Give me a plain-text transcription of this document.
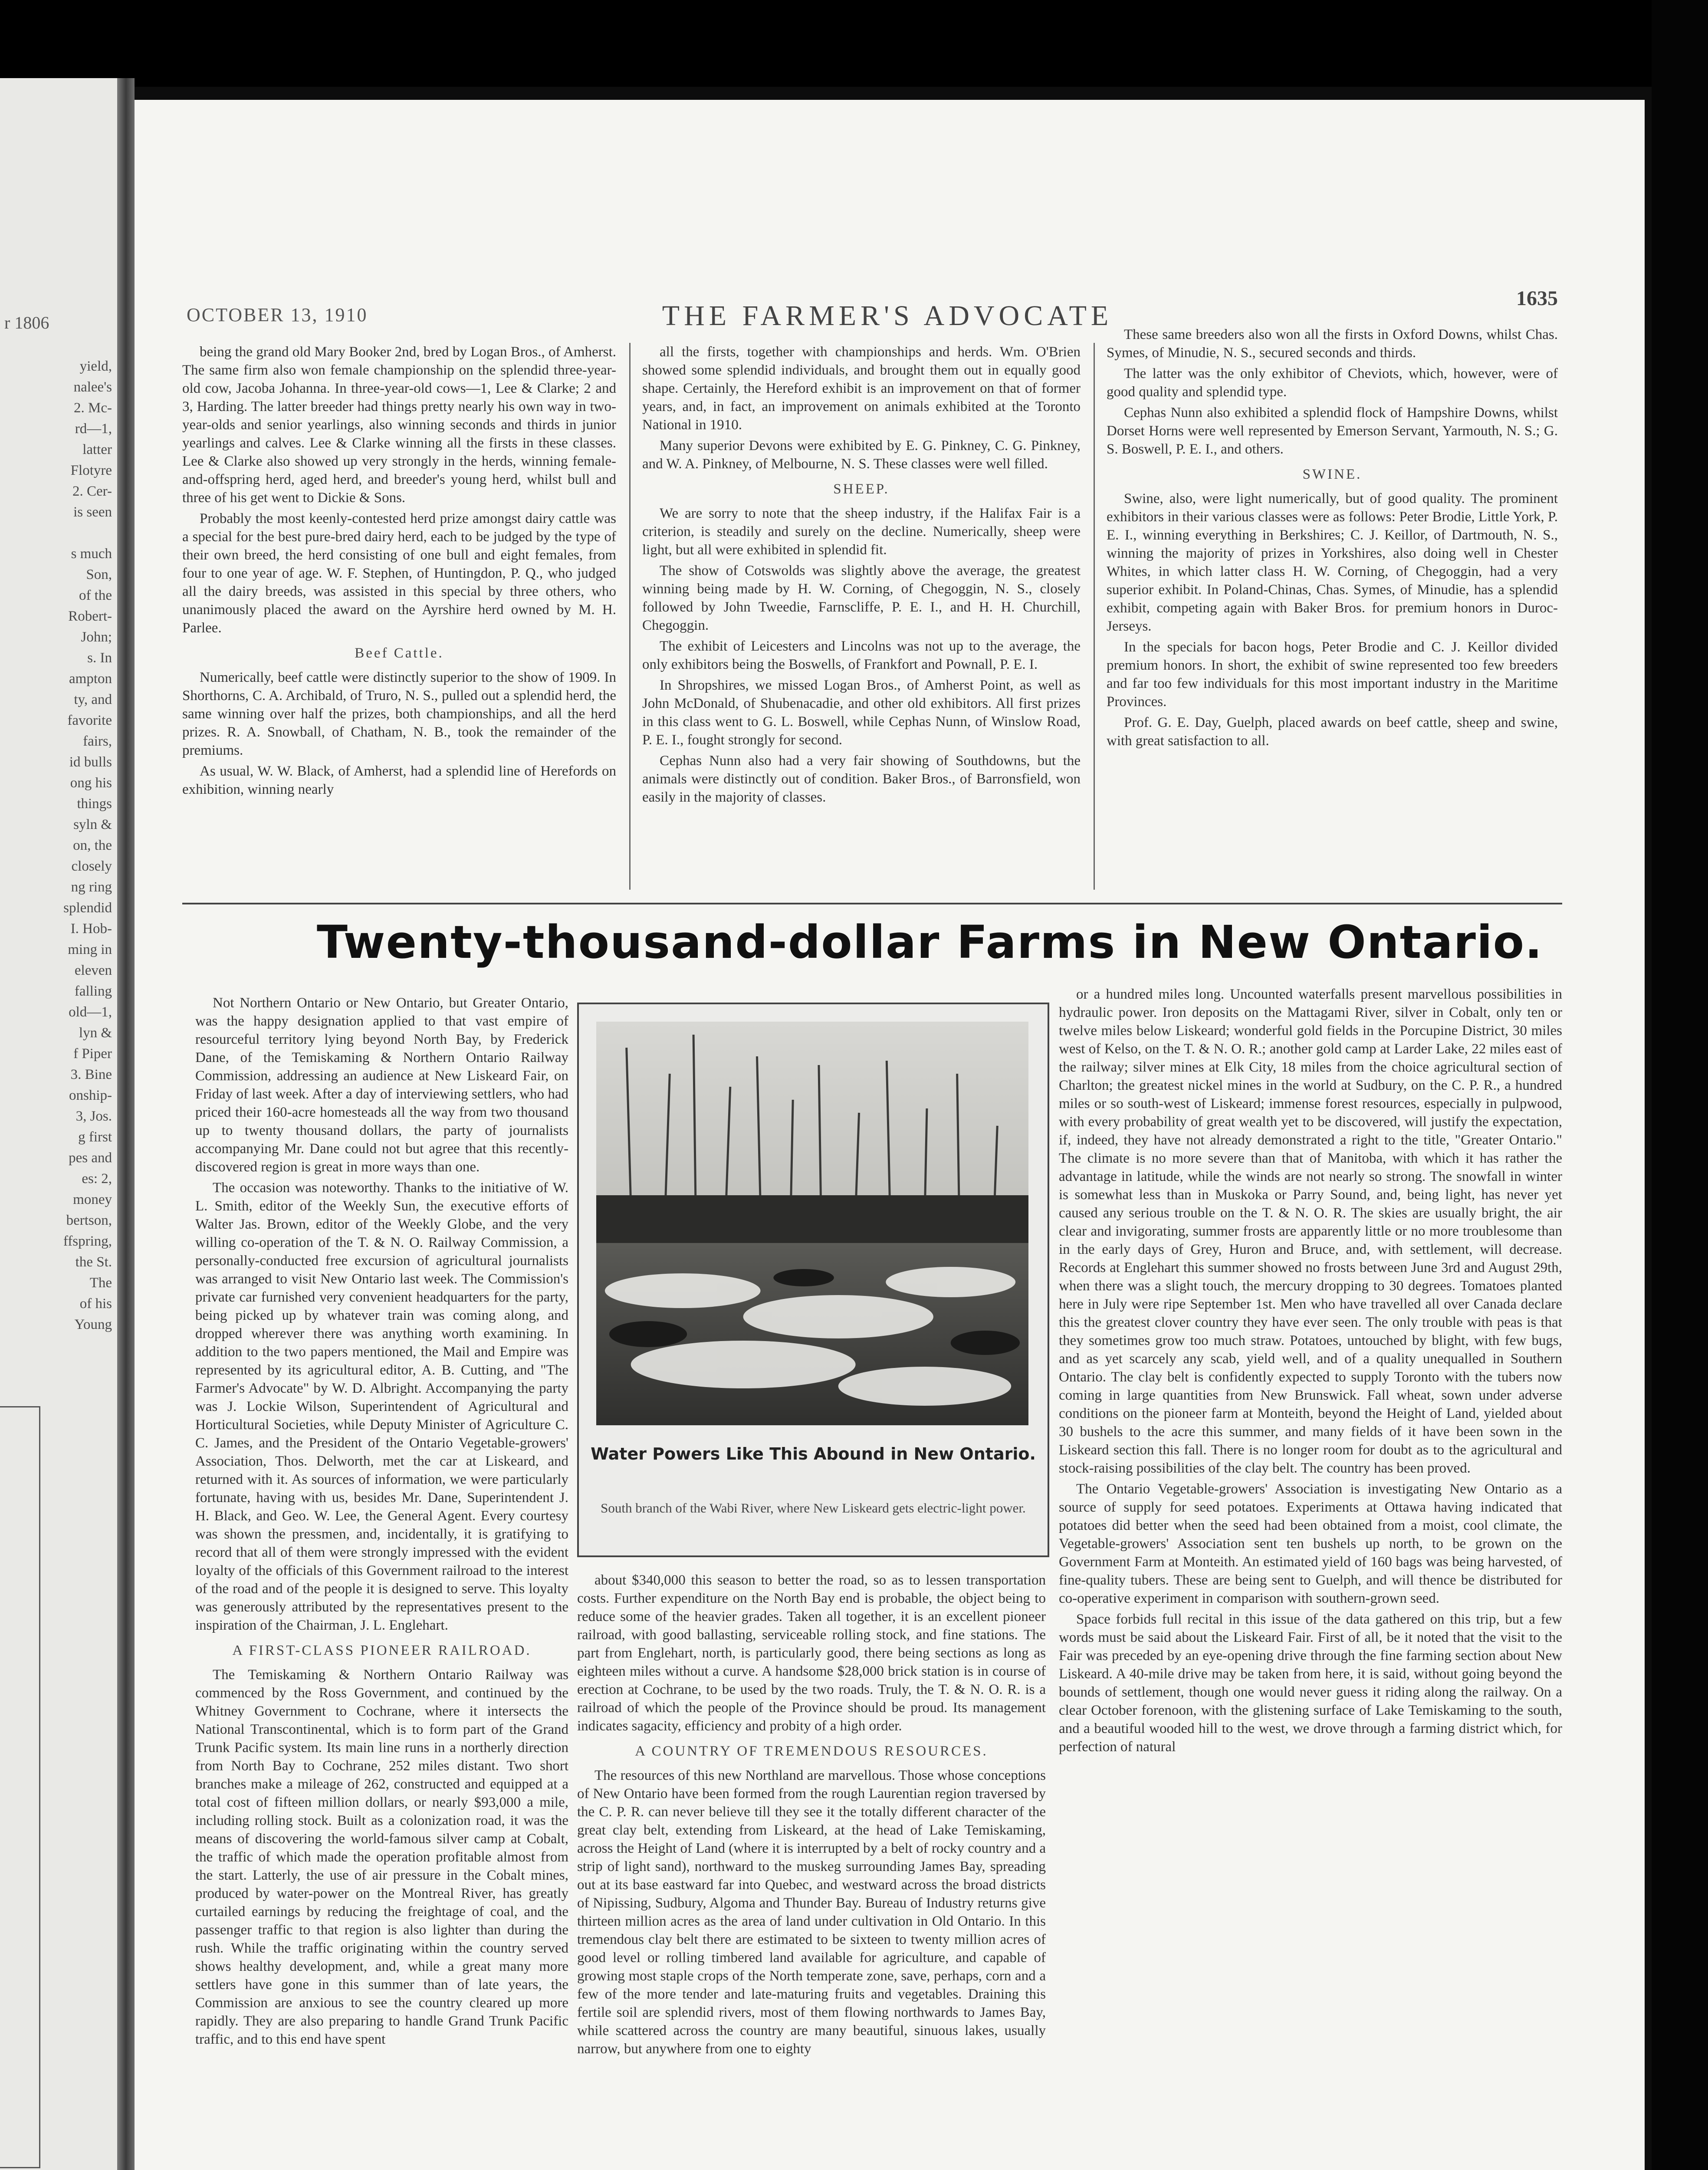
r 1806
yield,
nalee's
2. Mc-
rd—1,
latter
Flotyre
2. Cer-
is seen
s much
Son,
of the
Robert-
John;
s. In
ampton
ty, and
favorite
fairs,
id bulls
ong his
things
syln &
on, the
closely
ng ring
splendid
I. Hob-
ming in
eleven
falling
old—1,
lyn &
f Piper
3. Bine
onship-
3, Jos.
g first
pes and
es: 2,
money
bertson,
ffspring,
the St.
The
of his
Young
OCTOBER 13, 1910	THE FARMER'S ADVOCATE
1635

being the grand old Mary Booker 2nd, bred by Logan Bros., of Amherst. The same firm also won female championship on the splendid three-year-old cow, Jacoba Johanna. In three-year-old cows—1, Lee & Clarke; 2 and 3, Harding. The latter breeder had things pretty nearly his own way in two-year-olds and senior yearlings, also winning seconds and thirds in junior yearlings and calves. Lee & Clarke winning all the firsts in these classes. Lee & Clarke also showed up very strongly in the herds, winning female-and-offspring herd, aged herd, and breeder's young herd, whilst bull and three of his get went to Dickie & Sons.

Probably the most keenly-contested herd prize amongst dairy cattle was a special for the best pure-bred dairy herd, each to be judged by the type of their own breed, the herd consisting of one bull and eight females, from four to one year of age. W. F. Stephen, of Huntingdon, P. Q., who judged all the dairy breeds, was assisted in this special by three others, who unanimously placed the award on the Ayrshire herd owned by M. H. Parlee.

Beef Cattle.

Numerically, beef cattle were distinctly superior to the show of 1909. In Shorthorns, C. A. Archibald, of Truro, N. S., pulled out a splendid herd, the same winning over half the prizes, both championships, and all the herd prizes. R. A. Snowball, of Chatham, N. B., took the remainder of the premiums.

As usual, W. W. Black, of Amherst, had a splendid line of Herefords on exhibition, winning nearly

all the firsts, together with championships and herds. Wm. O'Brien showed some splendid individuals, and brought them out in equally good shape. Certainly, the Hereford exhibit is an improvement on that of former years, and, in fact, an improvement on animals exhibited at the Toronto National in 1910.

Many superior Devons were exhibited by E. G. Pinkney, C. G. Pinkney, and W. A. Pinkney, of Melbourne, N. S. These classes were well filled.

SHEEP.

We are sorry to note that the sheep industry, if the Halifax Fair is a criterion, is steadily and surely on the decline. Numerically, sheep were light, but all were exhibited in splendid fit.

The show of Cotswolds was slightly above the average, the greatest winning being made by H. W. Corning, of Chegoggin, N. S., closely followed by John Tweedie, Farnscliffe, P. E. I., and H. H. Churchill, Chegoggin.

The exhibit of Leicesters and Lincolns was not up to the average, the only exhibitors being the Boswells, of Frankfort and Pownall, P. E. I.

In Shropshires, we missed Logan Bros., of Amherst Point, as well as John McDonald, of Shubenacadie, and other old exhibitors. All first prizes in this class went to G. L. Boswell, while Cephas Nunn, of Winslow Road, P. E. I., fought strongly for second.

Cephas Nunn also had a very fair showing of Southdowns, but the animals were distinctly out of condition. Baker Bros., of Barronsfield, won easily in the majority of classes.

These same breeders also won all the firsts in Oxford Downs, whilst Chas. Symes, of Minudie, N. S., secured seconds and thirds.

The latter was the only exhibitor of Cheviots, which, however, were of good quality and splendid type.

Cephas Nunn also exhibited a splendid flock of Hampshire Downs, whilst Dorset Horns were well represented by Emerson Servant, Yarmouth, N. S.; G. S. Boswell, P. E. I., and others.

SWINE.

Swine, also, were light numerically, but of good quality. The prominent exhibitors in their various classes were as follows: Peter Brodie, Little York, P. E. I., winning everything in Berkshires; C. J. Keillor, of Dartmouth, N. S., winning the majority of prizes in Yorkshires, also doing well in Chester Whites, in which latter class H. W. Corning, of Chegoggin, had a very superior exhibit. In Poland-Chinas, Chas. Symes, of Minudie, has a splendid exhibit, competing again with Baker Bros. for premium honors in Duroc-Jerseys.

In the specials for bacon hogs, Peter Brodie and C. J. Keillor divided premium honors. In short, the exhibit of swine represented too few breeders and far too few individuals for this most important industry in the Maritime Provinces.

Prof. G. E. Day, Guelph, placed awards on beef cattle, sheep and swine, with great satisfaction to all.

Twenty-thousand-dollar Farms in New Ontario.

Not Northern Ontario or New Ontario, but Greater Ontario, was the happy designation applied to that vast empire of resourceful territory lying beyond North Bay, by Frederick Dane, of the Temiskaming & Northern Ontario Railway Commission, addressing an audience at New Liskeard Fair, on Friday of last week. After a day of interviewing settlers, who had priced their 160-acre homesteads all the way from two thousand up to twenty thousand dollars, the party of journalists accompanying Mr. Dane could not but agree that this recently-discovered region is great in more ways than one.

The occasion was noteworthy. Thanks to the initiative of W. L. Smith, editor of the Weekly Sun, the executive efforts of Walter Jas. Brown, editor of the Weekly Globe, and the very willing co-operation of the T. & N. O. Railway Commission, a personally-conducted free excursion of agricultural journalists was arranged to visit New Ontario last week. The Commission's private car furnished very convenient headquarters for the party, being picked up by whatever train was coming along, and dropped wherever there was anything worth examining. In addition to the two papers mentioned, the Mail and Empire was represented by its agricultural editor, A. B. Cutting, and "The Farmer's Advocate" by W. D. Albright. Accompanying the party was J. Lockie Wilson, Superintendent of Agricultural and Horticultural Societies, while Deputy Minister of Agriculture C. C. James, and the President of the Ontario Vegetable-growers' Association, Thos. Delworth, met the car at Liskeard, and returned with it. As sources of information, we were particularly fortunate, having with us, besides Mr. Dane, Superintendent J. H. Black, and Geo. W. Lee, the General Agent. Every courtesy was shown the pressmen, and, incidentally, it is gratifying to record that all of them were strongly impressed with the evident loyalty of the officials of this Government railroad to the interest of the road and of the people it is designed to serve. This loyalty was generously attributed by the representatives present to the inspiration of the Chairman, J. L. Englehart.

A FIRST-CLASS PIONEER RAILROAD.

The Temiskaming & Northern Ontario Railway was commenced by the Ross Government, and continued by the Whitney Government to Cochrane, where it intersects the National Transcontinental, which is to form part of the Grand Trunk Pacific system. Its main line runs in a northerly direction from North Bay to Cochrane, 252 miles distant. Two short branches make a mileage of 262, constructed and equipped at a total cost of fifteen million dollars, or nearly $93,000 a mile, including rolling stock. Built as a colonization road, it was the means of discovering the world-famous silver camp at Cobalt, the traffic of which made the operation profitable almost from the start. Latterly, the use of air pressure in the Cobalt mines, produced by water-power on the Montreal River, has greatly curtailed earnings by reducing the freightage of coal, and the passenger traffic to that region is also lighter than during the rush. While the traffic originating within the country served shows healthy development, and, while a great many more settlers have gone in this summer than of late years, the Commission are anxious to see the country cleared up more rapidly. They are also preparing to handle Grand Trunk Pacific traffic, and to this end have spent

Water Powers Like This Abound in New Ontario.
South branch of the Wabi River, where New Liskeard gets electric-light power.

about $340,000 this season to better the road, so as to lessen transportation costs. Further expenditure on the North Bay end is probable, the object being to reduce some of the heavier grades. Taken all together, it is an excellent pioneer railroad, with good ballasting, serviceable rolling stock, and fine stations. The part from Englehart, north, is particularly good, there being sections as long as eighteen miles without a curve. A handsome $28,000 brick station is in course of erection at Cochrane, to be used by the two roads. Truly, the T. & N. O. R. is a railroad of which the people of the Province should be proud. Its management indicates sagacity, efficiency and probity of a high order.

A COUNTRY OF TREMENDOUS RESOURCES.

The resources of this new Northland are marvellous. Those whose conceptions of New Ontario have been formed from the rough Laurentian region traversed by the C. P. R. can never believe till they see it the totally different character of the great clay belt, extending from Liskeard, at the head of Lake Temiskaming, across the Height of Land (where it is interrupted by a belt of rocky country and a strip of light sand), northward to the muskeg surrounding James Bay, spreading out at its base eastward far into Quebec, and westward across the broad districts of Nipissing, Sudbury, Algoma and Thunder Bay. Bureau of Industry returns give thirteen million acres as the area of land under cultivation in Old Ontario. In this tremendous clay belt there are estimated to be sixteen to twenty million acres of good level or rolling timbered land available for agriculture, and capable of growing most staple crops of the North temperate zone, save, perhaps, corn and a few of the more tender and late-maturing fruits and vegetables. Draining this fertile soil are splendid rivers, most of them flowing northwards to James Bay, while scattered across the country are many beautiful, sinuous lakes, usually narrow, but anywhere from one to eighty

or a hundred miles long. Uncounted waterfalls present marvellous possibilities in hydraulic power. Iron deposits on the Mattagami River, silver in Cobalt, only ten or twelve miles below Liskeard; wonderful gold fields in the Porcupine District, 30 miles west of Kelso, on the T. & N. O. R.; another gold camp at Larder Lake, 22 miles east of the railway; silver mines at Elk City, 18 miles from the choice agricultural section of Charlton; the greatest nickel mines in the world at Sudbury, on the C. P. R., a hundred miles or so south-west of Liskeard; immense forest resources, especially in pulpwood, with every probability of great wealth yet to be discovered, will justify the expectation, if, indeed, they have not already demonstrated a right to the title, "Greater Ontario." The climate is no more severe than that of Manitoba, with which it has rather the advantage in latitude, while the winds are not nearly so strong. The snowfall in winter is somewhat less than in Muskoka or Parry Sound, and, being light, has never yet caused any serious trouble on the T. & N. O. R. The skies are usually bright, the air clear and invigorating, summer frosts are apparently little or no more troublesome than in the early days of Grey, Huron and Bruce, and, with settlement, will decrease. Records at Englehart this summer showed no frosts between June 3rd and August 29th, when there was a slight touch, the mercury dropping to 30 degrees. Tomatoes planted here in July were ripe September 1st. Men who have travelled all over Canada declare this the greatest clover country they have ever seen. The only trouble with peas is that they sometimes grow too much straw. Potatoes, untouched by blight, with few bugs, and as yet scarcely any scab, yield well, and of a quality unequalled in Southern Ontario. The clay belt is confidently expected to supply Toronto with the tubers now coming in large quantities from New Brunswick. Fall wheat, sown under adverse conditions on the pioneer farm at Monteith, beyond the Height of Land, yielded about 30 bushels to the acre this summer, and many fields of it have been sown in the Liskeard section this fall. There is no longer room for doubt as to the agricultural and stock-raising possibilities of the clay belt. The country has been proved.

The Ontario Vegetable-growers' Association is investigating New Ontario as a source of supply for seed potatoes. Experiments at Ottawa having indicated that potatoes did better when the seed had been obtained from a moist, cool climate, the Vegetable-growers' Association sent ten bushels up north, to be grown on the Government Farm at Monteith. An estimated yield of 160 bags was being harvested, of fine-quality tubers. These are being sent to Guelph, and will thence be distributed for co-operative experiment in comparison with southern-grown seed.

Space forbids full recital in this issue of the data gathered on this trip, but a few words must be said about the Liskeard Fair. First of all, be it noted that the visit to the Fair was preceded by an eye-opening drive through the fine farming section about New Liskeard. A 40-mile drive may be taken from here, it is said, without going beyond the bounds of settlement, though one would never guess it riding along the railway. On a clear October forenoon, with the glistening surface of Lake Temiskaming to the south, and a beautiful wooded hill to the west, we drove through a farming district which, for perfection of natural
